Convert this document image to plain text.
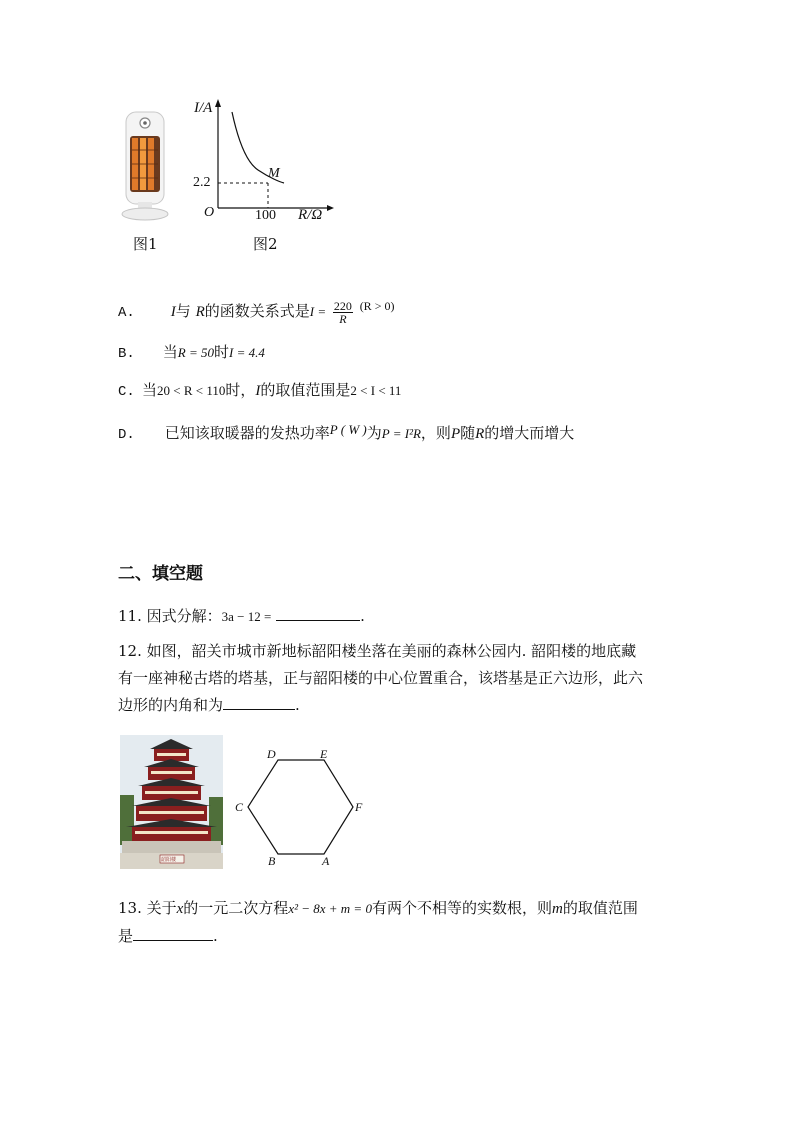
图1
I/A
M
2.2
O	100 R/Ω
图2
A. I与 R的函数关系式是$I = \frac{220}{R} ^{(R > 0)}$
B. 当R = 50时I = 4.4
C. 当20 < R < 110时，I的取值范围是2 < I < 11
D. 已知该取暖器的发热功率P ( W )为P = I²R，则P随R的增大而增大
二、填空题
11. 因式分解：3a − 12 =	.
12. 如图，韶关市城市新地标韶阳楼坐落在美丽的森林公园内. 韶阳楼的地底藏
有一座神秘古塔的塔基，正与韶阳楼的中心位置重合，该塔基是正六边形，此六
边形的内角和为	.
韶阳楼
D	E
C	F
B	A
13. 关于x的一元二次方程x² − 8x + m = 0有两个不相等的实数根，则m的取值范围
是	.
